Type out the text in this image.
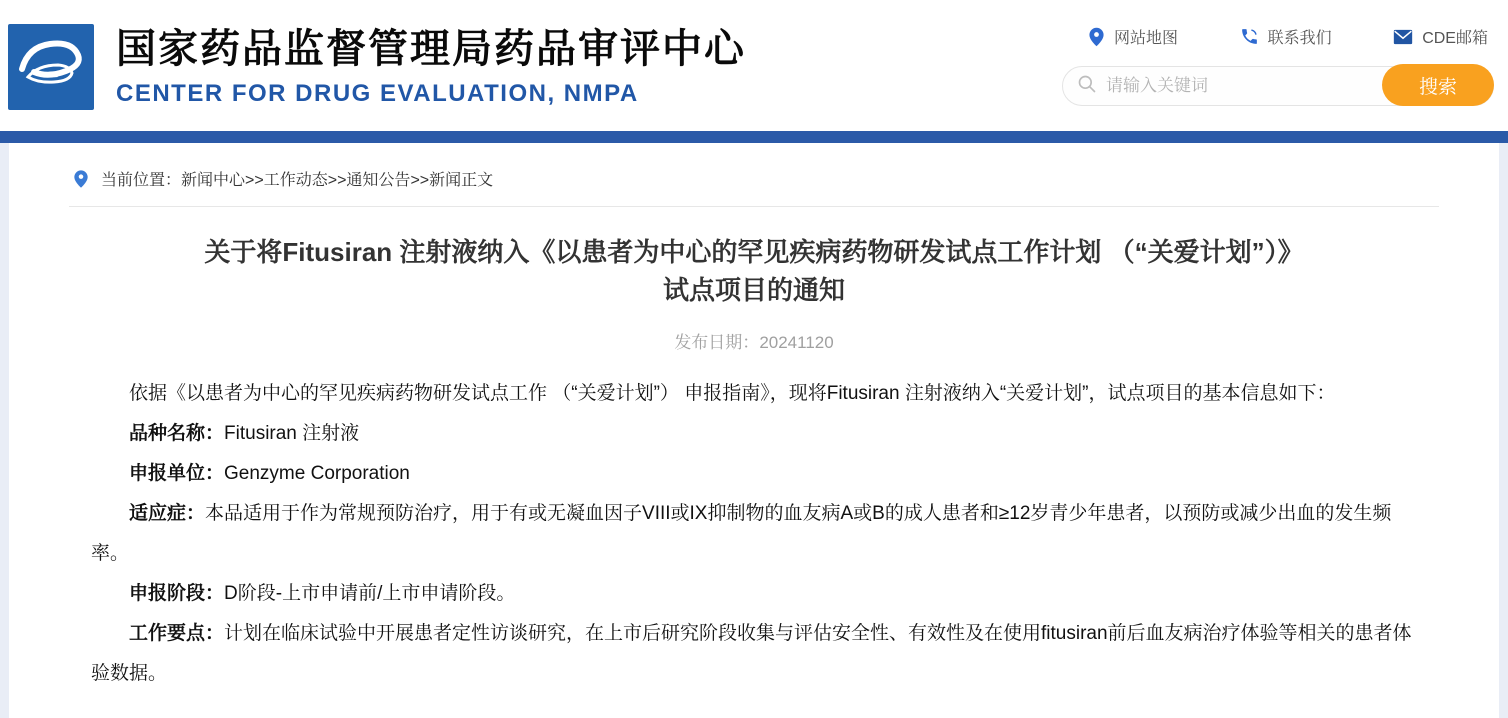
国家药品监督管理局药品审评中心
CENTER FOR DRUG EVALUATION, NMPA
网站地图	联系我们	CDE邮箱
请输入关键词
搜索
当前位置：新闻中心>>工作动态>>通知公告>>新闻正文
关于将Fitusiran 注射液纳入《以患者为中心的罕见疾病药物研发试点工作计划 （“关爱计划”）》
试点项目的通知
发布日期：20241120

依据《以患者为中心的罕见疾病药物研发试点工作 （“关爱计划”） 申报指南》，现将Fitusiran 注射液纳入“关爱计划”，试点项目的基本信息如下：

品种名称：Fitusiran 注射液

申报单位：Genzyme Corporation

适应症：本品适用于作为常规预防治疗，用于有或无凝血因子VIII或IX抑制物的血友病A或B的成人患者和≥12岁青少年患者，以预防或减少出血的发生频率。

申报阶段：D阶段-上市申请前/上市申请阶段。

工作要点：计划在临床试验中开展患者定性访谈研究，在上市后研究阶段收集与评估安全性、有效性及在使用fitusiran前后血友病治疗体验等相关的患者体验数据。
